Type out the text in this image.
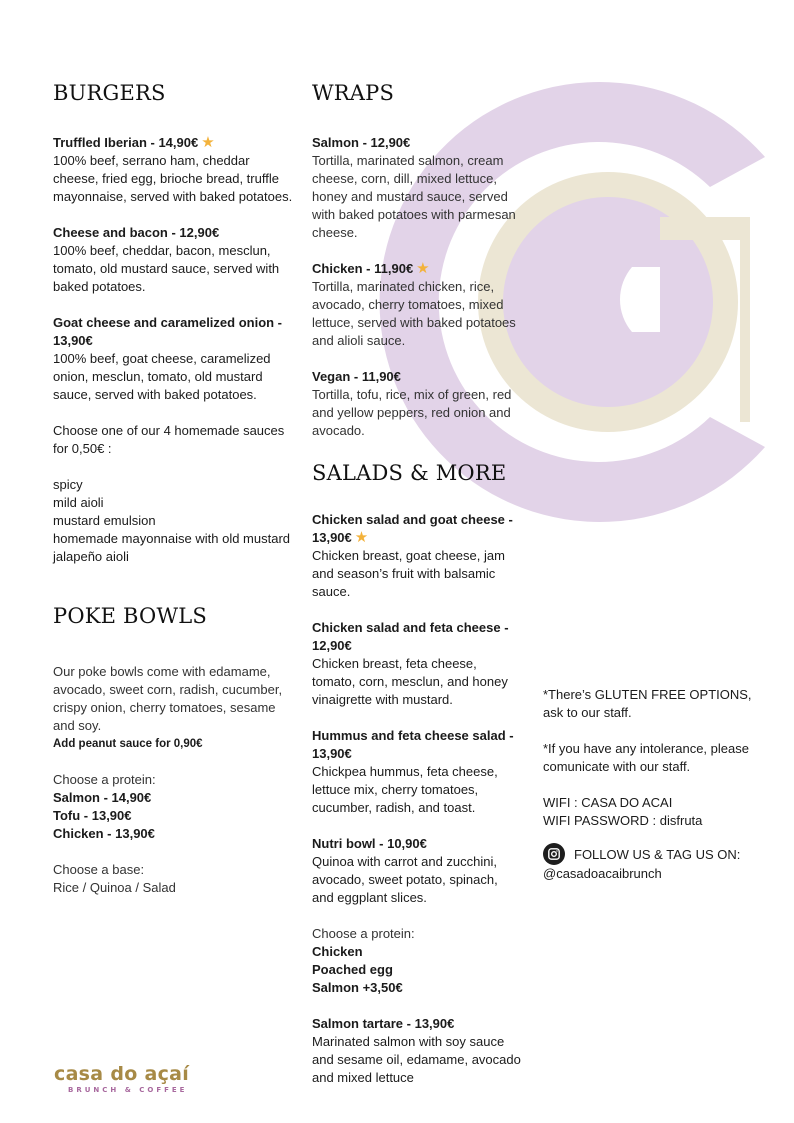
BURGERS
Truffled Iberian - 14,90€ ★
100% beef, serrano ham, cheddar cheese, fried egg, brioche bread, truffle mayonnaise, served with baked potatoes.
Cheese and bacon - 12,90€
100% beef, cheddar, bacon, mesclun, tomato, old mustard sauce, served with baked potatoes.
Goat cheese and caramelized onion - 13,90€
100% beef, goat cheese, caramelized onion, mesclun, tomato, old mustard sauce, served with baked potatoes.
Choose one of our 4 homemade sauces for 0,50€ :
spicy
mild aioli
mustard emulsion
homemade mayonnaise with old mustard
jalapeño aioli
POKE BOWLS
Our poke bowls come with edamame, avocado, sweet corn, radish, cucumber, crispy onion, cherry tomatoes, sesame and soy.
Add peanut sauce for 0,90€
Choose a protein:
Salmon - 14,90€
Tofu - 13,90€
Chicken - 13,90€
Choose a base:
Rice / Quinoa / Salad
WRAPS
Salmon - 12,90€
Tortilla, marinated salmon, cream cheese, corn, dill, mixed lettuce, honey and mustard sauce, served with baked potatoes with parmesan cheese.
Chicken - 11,90€ ★
Tortilla, marinated chicken, rice, avocado, cherry tomatoes, mixed lettuce, served with baked potatoes and alioli sauce.
Vegan - 11,90€
Tortilla, tofu, rice, mix of green, red and yellow peppers, red onion and avocado.
SALADS & MORE
Chicken salad and goat cheese - 13,90€ ★
Chicken breast, goat cheese, jam and season’s fruit with balsamic sauce.
Chicken salad and feta cheese - 12,90€
Chicken breast, feta cheese, tomato, corn, mesclun, and honey vinaigrette with mustard.
Hummus and feta cheese salad - 13,90€
Chickpea hummus, feta cheese, lettuce mix, cherry tomatoes, cucumber, radish, and toast.
Nutri bowl - 10,90€
Quinoa with carrot and zucchini, avocado, sweet potato, spinach, and eggplant slices.
Choose a protein:
Chicken
Poached egg
Salmon +3,50€
Salmon tartare - 13,90€
Marinated salmon with soy sauce and sesame oil, edamame, avocado and mixed lettuce
*There’s GLUTEN FREE OPTIONS, ask to our staff.
*If you have any intolerance, please comunicate with our staff.
WIFI : CASA DO ACAI
WIFI PASSWORD : disfruta
FOLLOW US & TAG US ON:
@casadoacaibrunch
casa do açaí
BRUNCH & COFFEE
